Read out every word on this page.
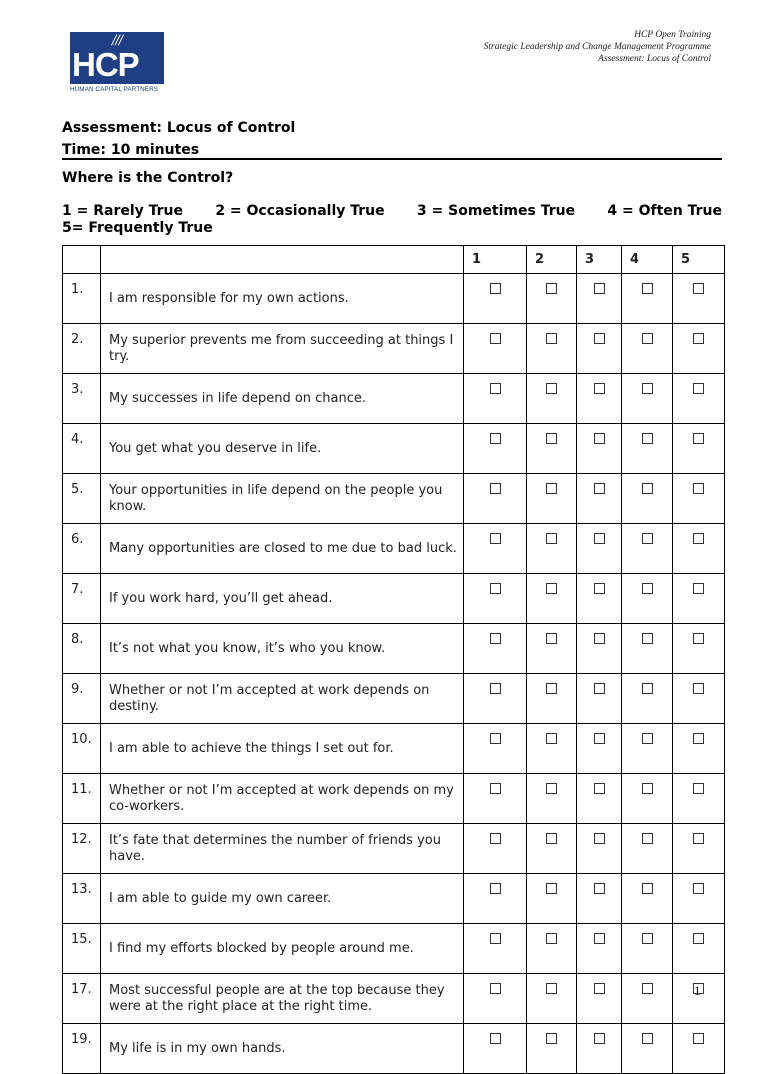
///
HCP
HUMAN CAPITAL PARTNERS
HCP Open Training
Strategic Leadership and Change Management Programme
Assessment: Locus of Control
Assessment: Locus of Control
Time: 10 minutes
Where is the Control?
1 = Rarely True 2 = Occasionally True 3 = Sometimes True 4 = Often True
5= Frequently True
		1	2	3	4	5
1.	I am responsible for my own actions.					
2.	My superior prevents me from succeeding at things I try.					
3.	My successes in life depend on chance.					
4.	You get what you deserve in life.					
5.	Your opportunities in life depend on the people you know.					
6.	Many opportunities are closed to me due to bad luck.					
7.	If you work hard, you’ll get ahead.					
8.	It’s not what you know, it’s who you know.					
9.	Whether or not I’m accepted at work depends on destiny.					
10.	I am able to achieve the things I set out for.					
11.	Whether or not I’m accepted at work depends on my co-workers.					
12.	It’s fate that determines the number of friends you have.					
13.	I am able to guide my own career.					
15.	I find my efforts blocked by people around me.					
17.	Most successful people are at the top because they were at the right place at the right time.					
19.	My life is in my own hands.					
1
